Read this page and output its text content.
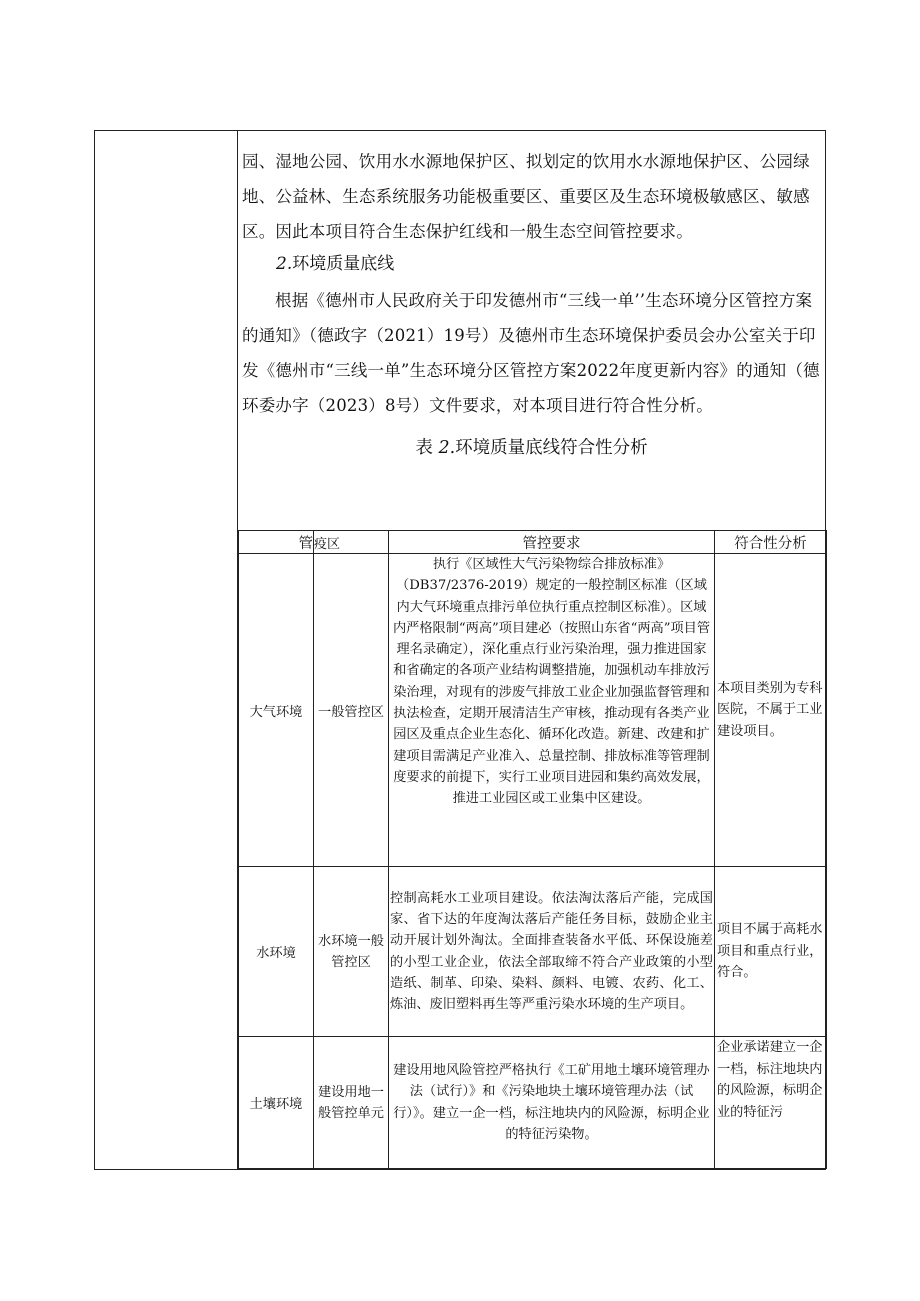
园、湿地公园、饮用水水源地保护区、拟划定的饮用水水源地保护区、公园绿地、公益林、生态系统服务功能极重要区、重要区及生态环境极敏感区、敏感区。因此本项目符合生态保护红线和一般生态空间管控要求。

2.环境质量底线

根据《德州市人民政府关于印发德州市“三线一单’’生态环境分区管控方案的通知》（德政字（2021）19号）及德州市生态环境保护委员会办公室关于印发《德州市“三线一单”生态环境分区管控方案2022年度更新内容》的通知（德环委办字（2023）8号）文件要求，对本项目进行符合性分析。

表 2.环境质量底线符合性分析
管	疫区	管控要求	符合性分析
大气环境	一般管控区	执行《区域性大气污染物综合排放标准》（DB37/2376-2019）规定的一般控制区标准（区域内大气环境重点排污单位执行重点控制区标准）。区域内严格限制“两高”项目建必（按照山东省“两高”项目管理名录确定），深化重点行业污染治理，强力推进国家和省确定的各项产业结构调整措施，加强机动车排放污染治理，对现有的涉废气排放工业企业加强监督管理和执法检查，定期开展清洁生产审核，推动现有各类产业园区及重点企业生态化、循环化改造。新建、改建和扩建项目需满足产业准入、总量控制、排放标准等管理制度要求的前提下，实行工业项目进园和集约高效发展，推进工业园区或工业集中区建设。	本项目类别为专科医院，不属于工业建设项目。
水环境	水环境一般管控区	控制高耗水工业项目建设。依法淘汰落后产能，完成国家、省下达的年度淘汰落后产能任务目标，鼓励企业主动开展计划外淘汰。全面排查装备水平低、环保设施差的小型工业企业，依法全部取缔不符合产业政策的小型造纸、制革、印染、染料、颜料、电镀、农药、化工、炼油、废旧塑料再生等严重污染水环境的生产项目。	项目不属于高耗水项目和重点行业，符合。
土壤环境	建设用地一般管控单元	建设用地风险管控严格执行《工矿用地土壤环境管理办法（试行）》和《污染地块土壤环境管理办法（试行）》。建立一企一档，标注地块内的风险源，标明企业的特征污染物。	企业承诺建立一企一档，标注地块内的风险源，标明企业的特征污
